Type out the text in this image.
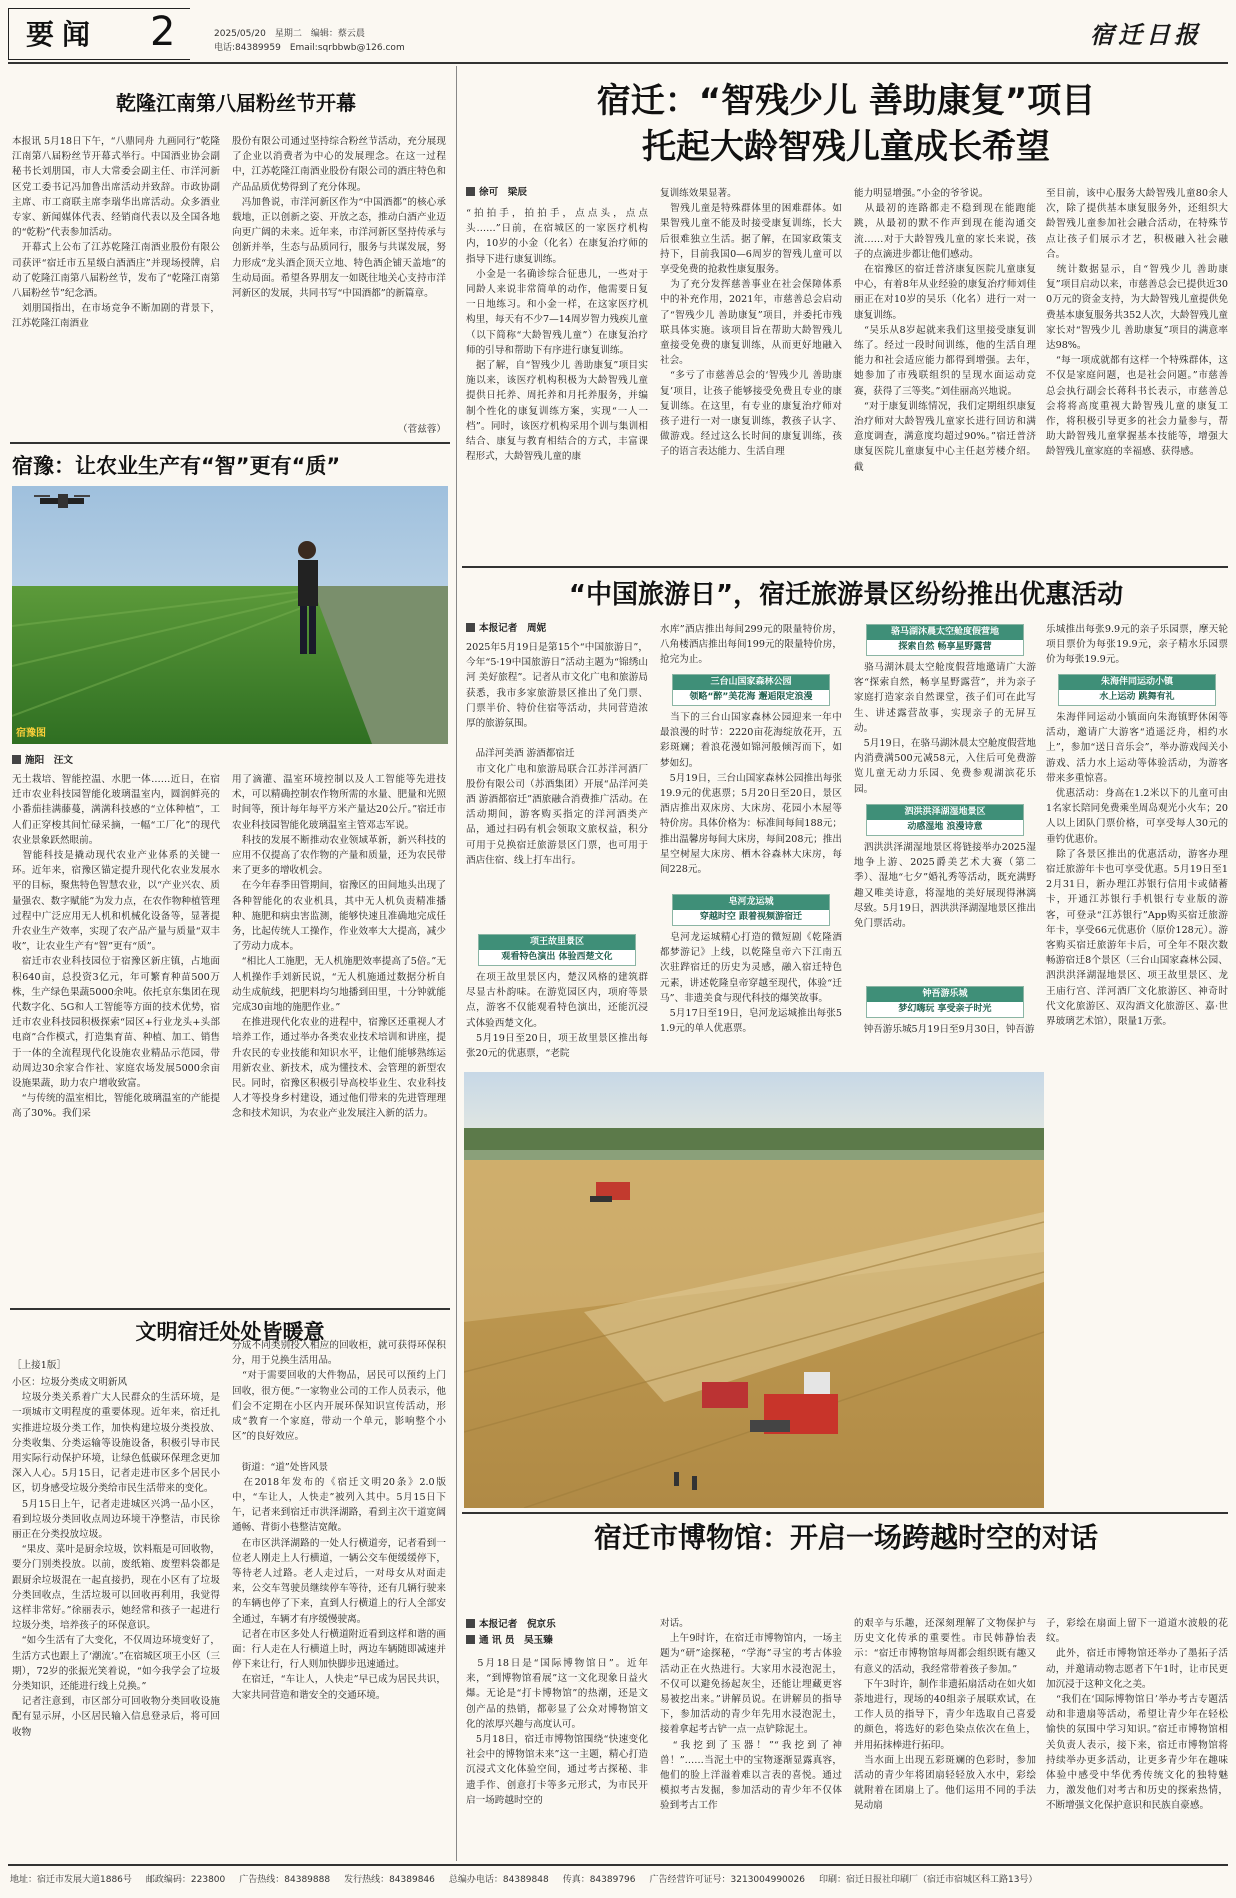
要闻 2	2025/05/20　星期二　编辑：蔡云晨
电话:84389959　Email:sqrbbwb@126.com	宿迁日报
乾隆江南第八届粉丝节开幕
本报讯 5月18日下午，“八鼎同舟 九画同行”乾隆江南第八届粉丝节开幕式举行。中国酒业协会副秘书长刘朋国，市人大常委会副主任、市洋河新区党工委书记冯加鲁出席活动并致辞。市政协副主席、市工商联主席李瑞华出席活动。众多酒业专家、新闻媒体代表、经销商代表以及全国各地的“乾粉”代表参加活动。
　开幕式上公布了江苏乾隆江南酒业股份有限公司获评“宿迁市五星级白酒酒庄”并现场授牌，启动了乾隆江南第八届粉丝节，发布了“乾隆江南第八届粉丝节”纪念酒。
　刘朋国指出，在市场竞争不断加剧的背景下，江苏乾隆江南酒业
股份有限公司通过坚持综合粉丝节活动，充分展现了企业以消费者为中心的发展理念。在这一过程中，江苏乾隆江南酒业股份有限公司的酒庄特色和产品品质优势得到了充分体现。
　冯加鲁说，市洋河新区作为“中国酒都”的核心承载地，正以创新之姿、开放之态，推动白酒产业迈向更广阔的未来。近年来，市洋河新区坚持传承与创新并举，生态与品质同行，服务与共谋发展，努力形成“龙头酒企顶天立地、特色酒企铺天盖地”的生动局面。希望各界朋友一如既往地关心支持市洋河新区的发展，共同书写“中国酒都”的新篇章。
（菅兹蓉）
宿豫：让农业生产有“智”更有“质”
宿豫图
施阳　汪文
无土栽培、智能控温、水肥一体……近日，在宿迁市农业科技园智能化玻璃温室内，圆润鲜亮的小番茄挂满藤蔓，满满科技感的“立体种植”，工人们正穿梭其间忙碌采摘，一幅“工厂化”的现代农业景象跃然眼前。
　智能科技是撬动现代农业产业体系的关键一环。近年来，宿豫区锚定提升现代化农业发展水平的目标，聚焦特色智慧农业，以“产业兴农、质量强农、数字赋能”为发力点，在农作物种植管理过程中广泛应用无人机和机械化设备等，显著提升农业生产效率，实现了农产品产量与质量“双丰收”，让农业生产有“智”更有“质”。
　宿迁市农业科技园位于宿豫区新庄镇，占地面积640亩，总投资3亿元，年可繁育种苗500万株，生产绿色果蔬5000余吨。依托京东集团在现代数字化、5G和人工智能等方面的技术优势，宿迁市农业科技园积极探索“园区+行业龙头+头部电商”合作模式，打造集育苗、种植、加工、销售于一体的全流程现代化设施农业精品示范园，带动周边30余家合作社、家庭农场发展5000余亩设施果蔬，助力农户增收致富。
　“与传统的温室相比，智能化玻璃温室的产能提高了30%。我们采
用了滴灌、温室环境控制以及人工智能等先进技术，可以精确控制农作物所需的水量、肥量和光照时间等，预计每年每平方米产量达20公斤。”宿迁市农业科技园智能化玻璃温室主管邓志军说。
　科技的发展不断推动农业领域革新，新兴科技的应用不仅提高了农作物的产量和质量，还为农民带来了更多的增收机会。
　在今年春季田管期间，宿豫区的田间地头出现了各种智能化的农业机具，其中无人机负责精准播种、施肥和病虫害监测，能够快速且准确地完成任务，比起传统人工操作，作业效率大大提高，减少了劳动力成本。
　“相比人工施肥，无人机施肥效率提高了5倍。”无人机操作手刘新民说，“无人机施通过数据分析自动生成航线，把肥料均匀地播到田里，十分钟就能完成30亩地的施肥作业。”
　在推进现代化农业的进程中，宿豫区还重视人才培养工作，通过举办各类农业技术培训和讲座，提升农民的专业技能和知识水平，让他们能够熟练运用新农业、新技术，成为懂技术、会管理的新型农民。同时，宿豫区积极引导高校毕业生、农业科技人才等投身乡村建设，通过他们带来的先进管理理念和技术知识，为农业产业发展注入新的活力。
文明宿迁处处皆暖意
［上接1版］
小区：垃圾分类成文明新风
　垃圾分类关系着广大人民群众的生活环境，是一项城市文明程度的重要体现。近年来，宿迁扎实推进垃圾分类工作，加快构建垃圾分类投放、分类收集、分类运输等设施设备，积极引导市民用实际行动保护环境，让绿色低碳环保理念更加深入人心。5月15日，记者走进市区多个居民小区，切身感受垃圾分类给市民生活带来的变化。
　5月15日上午，记者走进城区兴鸿一品小区，看到垃圾分类回收点周边环境干净整洁，市民徐丽正在分类投放垃圾。
　“果皮、菜叶是厨余垃圾，饮料瓶是可回收物，要分门别类投放。以前，废纸箱、废塑料袋都是跟厨余垃圾混在一起直接扔，现在小区有了垃圾分类回收点，生活垃圾可以回收再利用，我觉得这样非常好。”徐丽表示，她经常和孩子一起进行垃圾分类，培养孩子的环保意识。
　“如今生活有了大变化，不仅周边环境变好了，生活方式也跟上了‘潮流’。”在宿城区项王小区（三期），72岁的张振光笑着说，“如今我学会了垃圾分类知识，还能进行线上兑换。”
　记者注意到，市区部分可回收物分类回收设施配有显示屏，小区居民输入信息登录后，将可回收物
分成不同类别投入相应的回收柜，就可获得环保积分，用于兑换生活用品。
　“对于需要回收的大件物品，居民可以预约上门回收，很方便。”一家物业公司的工作人员表示，他们会不定期在小区内开展环保知识宣传活动，形成“教育一个家庭，带动一个单元，影响整个小区”的良好效应。

　街道：“道”处皆风景
　在2018年发布的《宿迁文明20条》2.0版中，“车让人，人快走”被列入其中。5月15日下午，记者来到宿迁市洪泽湖路，看到主次干道宽阔通畅、背街小巷整洁宽敞。
　在市区洪泽湖路的一处人行横道旁，记者看到一位老人刚走上人行横道，一辆公交车便缓缓停下，等待老人过路。老人走过后，一对母女从对面走来，公交车驾驶员继续停车等待，还有几辆行驶来的车辆也停了下来，直到人行横道上的行人全部安全通过，车辆才有序缓慢驶离。
　记者在市区多处人行横道附近看到这样和谐的画面：行人走在人行横道上时，两边车辆随即减速并停下来让行，行人则加快脚步迅速通过。
　在宿迁，“车让人，人快走”早已成为居民共识，大家共同营造和谐安全的交通环境。
宿迁：“智残少儿 善助康复”项目
托起大龄智残儿童成长希望
徐可　梁辰
“拍拍手，拍拍手，点点头，点点头……”日前，在宿城区的一家医疗机构内，10岁的小金（化名）在康复治疗师的指导下进行康复训练。
　小金是一名确诊综合征患儿，一些对于同龄人来说非常简单的动作，他需要日复一日地练习。和小金一样，在这家医疗机构里，每天有不少7—14周岁智力残疾儿童（以下简称“大龄智残儿童”）在康复治疗师的引导和帮助下有序进行康复训练。
　据了解，自“智残少儿 善助康复”项目实施以来，该医疗机构积极为大龄智残儿童提供日托养、周托养和月托养服务，并编制个性化的康复训练方案，实现“一人一档”。同时，该医疗机构采用个训与集训相结合、康复与教育相结合的方式，丰富课程形式，大龄智残儿童的康
复训练效果显著。
　智残儿童是特殊群体里的困难群体。如果智残儿童不能及时接受康复训练，长大后很难独立生活。据了解，在国家政策支持下，目前我国0—6周岁的智残儿童可以享受免费的抢救性康复服务。
　为了充分发挥慈善事业在社会保障体系中的补充作用，2021年，市慈善总会启动了“智残少儿 善助康复”项目，并委托市残联具体实施。该项目旨在帮助大龄智残儿童接受免费的康复训练，从而更好地融入社会。
　“多亏了市慈善总会的‘智残少儿 善助康复’项目，让孩子能够接受免费且专业的康复训练。在这里，有专业的康复治疗师对孩子进行一对一康复训练，教孩子认字、做游戏。经过这么长时间的康复训练，孩子的语言表达能力、生活自理
能力明显增强。”小金的爷爷说。
　从最初的连路都走不稳到现在能跑能跳，从最初的默不作声到现在能沟通交流……对于大龄智残儿童的家长来说，孩子的点滴进步都让他们感动。
　在宿豫区的宿迁普济康复医院儿童康复中心，有着8年从业经验的康复治疗师刘佳丽正在对10岁的吴乐（化名）进行一对一康复训练。
　“吴乐从8岁起就来我们这里接受康复训练了。经过一段时间训练，他的生活自理能力和社会适应能力都得到增强。去年，她参加了市残联组织的呈现水面运动竞赛，获得了三等奖。”刘佳丽高兴地说。
　“对于康复训练情况，我们定期组织康复治疗师对大龄智残儿童家长进行回访和满意度调查，满意度均超过90%。”宿迁普济康复医院儿童康复中心主任赵芳楼介绍。截
至目前，该中心服务大龄智残儿童80余人次，除了提供基本康复服务外，还组织大龄智残儿童参加社会融合活动，在特殊节点让孩子们展示才艺，积极融入社会融合。
　统计数据显示，自“智残少儿 善助康复”项目启动以来，市慈善总会已提供近300万元的资金支持，为大龄智残儿童提供免费基本康复服务共352人次，大龄智残儿童家长对“智残少儿 善助康复”项目的满意率达98%。
　“每一项成就都有这样一个特殊群体，这不仅是家庭问题，也是社会问题。”市慈善总会执行副会长蒋科书长表示，市慈善总会将将高度重视大龄智残儿童的康复工作，将积极引导更多的社会力量参与，帮助大龄智残儿童掌握基本技能等，增强大龄智残儿童家庭的幸福感、获得感。
“中国旅游日”，宿迁旅游景区纷纷推出优惠活动
本报记者　周妮
2025年5月19日是第15个“中国旅游日”，今年“5·19中国旅游日”活动主题为“锦绣山河 美好旅程”。记者从市文化广电和旅游局获悉，我市多家旅游景区推出了免门票、门票半价、特价住宿等活动，共同营造浓厚的旅游氛围。

　品洋河美酒 游酒都宿迁
　市文化广电和旅游局联合江苏洋河酒厂股份有限公司（苏酒集团）开展“品洋河美酒 游酒都宿迁”酒旅融合消费推广活动。在活动期间，游客购买指定的洋河酒类产品，通过扫码有机会领取文旅权益，积分可用于兑换宿迁旅游景区门票，也可用于酒店住宿、线上打车出行。
项王故里景区
观看特色演出 体验西楚文化
　在项王故里景区内，楚汉风格的建筑群尽显古朴韵味。在游览园区内，项府等景点，游客不仅能观看特色演出，还能沉浸式体验西楚文化。
　5月19日至20日，项王故里景区推出每张20元的优惠票，“老院
水库”酒店推出每间299元的限量特价房，八角楼酒店推出每间199元的限量特价房，抢完为止。
三台山国家森林公园
领略“醉”美花海 邂逅限定浪漫
　当下的三台山国家森林公园迎来一年中最浪漫的时节：2220亩花海绽放花开，五彩斑斓；着浪花漫如锦河般倾泻而下，如梦如幻。
　5月19日，三台山国家森林公园推出每张19.9元的优惠票；5月20日至20日，景区酒店推出双床房、大床房、花园小木屋等特价房。具体价格为：标准间每间188元；推出温馨房每间大床房，每间208元；推出星空树屋大床房、栖木谷森林大床房，每间228元。
皂河龙运城
穿越时空 跟着视频游宿迁
　皂河龙运城精心打造的微短剧《乾隆酒都梦游记》上线，以乾隆皇帝六下江南五次驻跸宿迁的历史为灵感，融入宿迁特色元素，讲述乾隆皇帝穿越至现代，体验“迁马”、非遗美食与现代科技的爆笑故事。
　5月17日至19日，皂河龙运城推出每张51.9元的单人优惠票。
骆马湖沐晨太空舱度假营地
探索自然 畅享星野露营
　骆马湖沐晨太空舱度假营地邀请广大游客“探索自然，畅享星野露营”，并为亲子家庭打造家亲自然课堂，孩子们可在此写生、讲述露营故事，实现亲子的无屏互动。
　5月19日，在骆马湖沐晨太空舱度假营地内消费满500元减58元，入住后可免费游览儿童无动力乐园、免费参观湖滨花乐园。
泗洪洪泽湖湿地景区
动感湿地 浪漫诗意
　泗洪洪泽湖湿地景区将链接举办2025湿地争上游、2025爵美艺术大赛（第二季）、湿地“七夕”婚礼秀等活动，既充满野趣又唯美诗意，将湿地的美好展现得淋漓尽致。5月19日，泗洪洪泽湖湿地景区推出免门票活动。
钟吾游乐城
梦幻嗨玩 享受亲子时光
　钟吾游乐城5月19日至9月30日，钟吾游
乐城推出每张9.9元的亲子乐园票，摩天轮项目票价为每张19.9元，亲子精水乐园票价为每张19.9元。
朱海伴同运动小镇
水上运动 跳舞有礼
　朱海伴同运动小镇面向朱海镇野休闲等活动，邀请广大游客“逍遥泛舟，相约水上”，参加“送日音乐会”，举办游戏闯关小游戏、活力水上运动等体验活动，为游客带来多重惊喜。
　优惠活动：身高在1.2米以下的儿童可由1名家长陪同免费乘坐周岛观光小火车；20人以上团队门票价格，可享受每人30元的垂钓优惠价。
　除了各景区推出的优惠活动，游客办理宿迁旅游年卡也可享受优惠。5月19日至12月31日，新办理江苏银行信用卡或储蓄卡，开通江苏银行手机银行专业版的游客，可登录“江苏银行”App购买宿迁旅游年卡，享受66元优惠价（原价128元）。游客购买宿迁旅游年卡后，可全年不限次数畅游宿迁8个景区（三台山国家森林公园、泗洪洪泽湖湿地景区、项王故里景区、龙王庙行宫、洋河酒厂文化旅游区、神奇时代文化旅游区、双沟酒文化旅游区、嘉·世界玻璃艺术馆），限量1万张。
宿迁市博物馆：开启一场跨越时空的对话
本报记者　倪京乐
通 讯 员　吴玉臻
　5月18日是“国际博物馆日”。近年来，“到博物馆看展”这一文化现象日益火爆。无论是“打卡博物馆”的热潮，还是文创产品的热销，都彰显了公众对博物馆文化的浓厚兴趣与高度认可。
　5月18日，宿迁市博物馆围绕“快速变化社会中的博物馆未来”这一主题，精心打造沉浸式文化体验空间，通过考古探秘、非遗手作、创意打卡等多元形式，为市民开启一场跨越时空的
对话。
　上午9时许，在宿迁市博物馆内，一场主题为“研”途探秘，“学海”寻宝的考古体验活动正在火热进行。大家用水浸泡泥土，不仅可以避免扬起灰尘，还能让埋藏更容易被挖出来。”讲解员说。在讲解员的指导下，参加活动的青少年先用水浸泡泥土，接着拿起考古铲一点一点铲除泥土。
　“我挖到了玉器！”“我挖到了神兽！”……当泥土中的宝物逐渐显露真容，他们的脸上洋溢着难以言表的喜悦。通过模拟考古发掘，参加活动的青少年不仅体验到考古工作
的艰辛与乐趣，还深刻理解了文物保护与历史文化传承的重要性。市民韩静怡表示：“宿迁市博物馆每周都会组织既有趣又有意义的活动，我经常带着孩子参加。”
　下午3时许，制作非遗拓扇活动在如火如荼地进行，现场的40组亲子展联欢试，在工作人员的指导下，青少年选取自己喜爱的颜色，将选好的彩色染点依次在鱼上，并用拓抹棒进行拓印。
　当水面上出现五彩斑斓的色彩时，参加活动的青少年将团扇轻轻放入水中，彩绘就附着在团扇上了。他们运用不同的手法晃动扇
子，彩绘在扇面上留下一道道水波般的花纹。
　此外，宿迁市博物馆还举办了墨拓子活动，并邀请动物志愿者下午1时，让市民更加沉浸于这种文化之美。
　“我们在‘国际博物馆日’举办考古专题活动和非遗扇等活动，希望让青少年在轻松愉快的氛围中学习知识。”宿迁市博物馆相关负责人表示，接下来，宿迁市博物馆将持续举办更多活动，让更多青少年在趣味体验中感受中华优秀传统文化的独特魅力，激发他们对考古和历史的探索热情，不断增强文化保护意识和民族自豪感。
地址：宿迁市发展大道1886号 邮政编码：223800 广告热线：84389888 发行热线：84389846 总编办电话：84389848 传真：84389796 广告经营许可证号：3213004990026 印刷：宿迁日报社印刷厂（宿迁市宿城区科工路13号）
